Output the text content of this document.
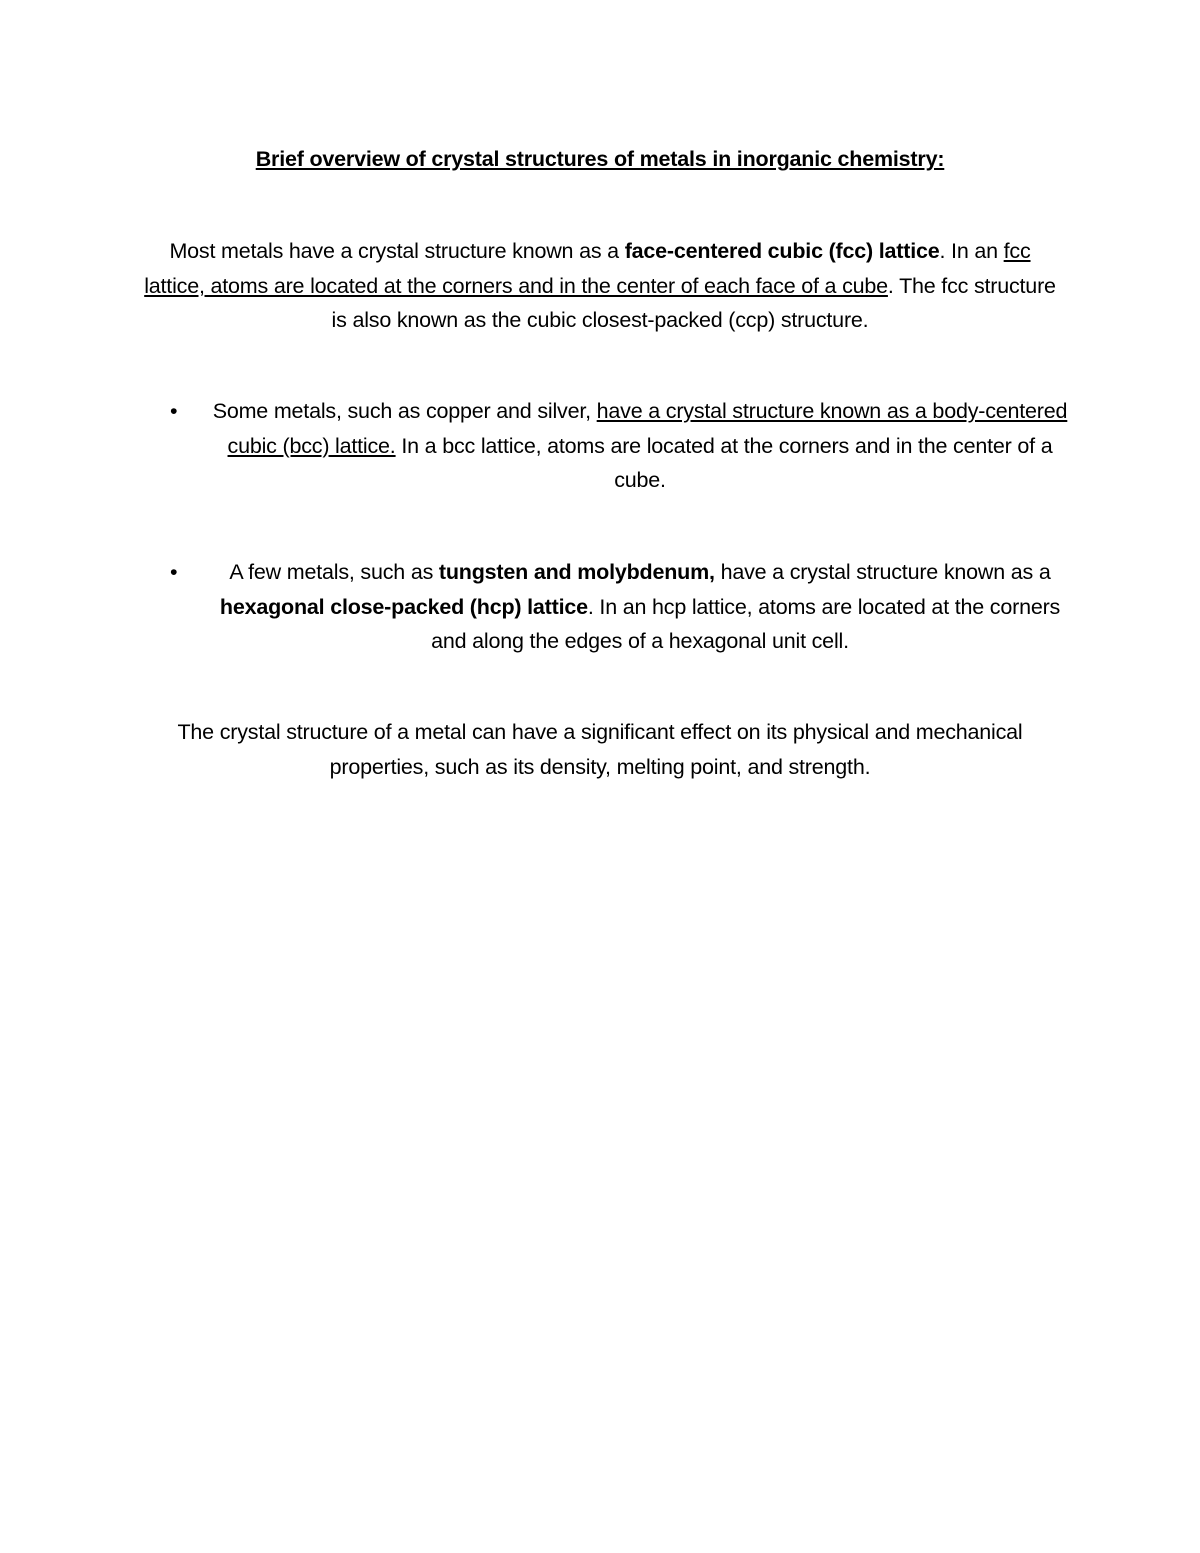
Brief overview of crystal structures of metals in inorganic chemistry:
Most metals have a crystal structure known as a face-centered cubic (fcc) lattice. In an fcc lattice, atoms are located at the corners and in the center of each face of a cube. The fcc structure is also known as the cubic closest-packed (ccp) structure.
• Some metals, such as copper and silver, have a crystal structure known as a body-centered cubic (bcc) lattice. In a bcc lattice, atoms are located at the corners and in the center of a cube.
•	A few metals, such as tungsten and molybdenum, have a crystal structure known as a hexagonal close-packed (hcp) lattice. In an hcp lattice, atoms are located at the corners and along the edges of a hexagonal unit cell.
The crystal structure of a metal can have a significant effect on its physical and mechanical properties, such as its density, melting point, and strength.
